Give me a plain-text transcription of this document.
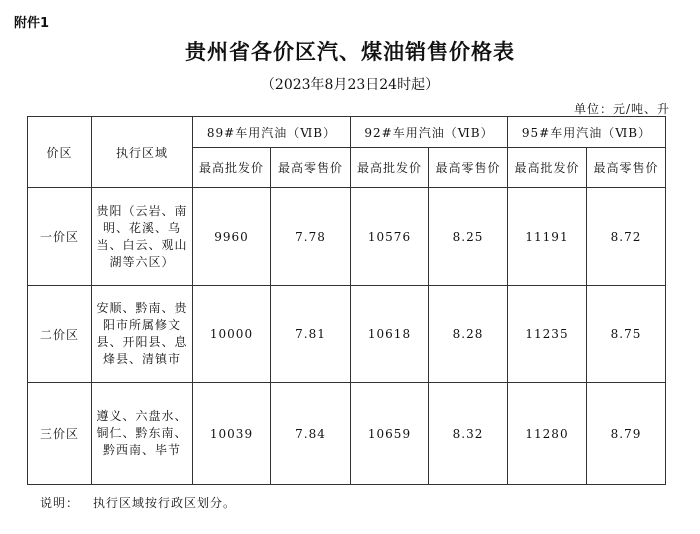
附件1
贵州省各价区汽、煤油销售价格表
（2023年8月23日24时起）
单位：元/吨、升
价区	执行区域	89#车用汽油（ⅥB）		92#车用汽油（ⅥB）		95#车用汽油（ⅥB）	
		最高批发价	最高零售价	最高批发价	最高零售价	最高批发价	最高零售价
一价区	贵阳（云岩、南明、花溪、乌当、白云、观山湖等六区）	9960	7.78	10576	8.25	11191	8.72
二价区	安顺、黔南、贵阳市所属修文县、开阳县、息烽县、清镇市	10000	7.81	10618	8.28	11235	8.75
三价区	遵义、六盘水、铜仁、黔东南、黔西南、毕节	10039	7.84	10659	8.32	11280	8.79
说明： 执行区域按行政区划分。
